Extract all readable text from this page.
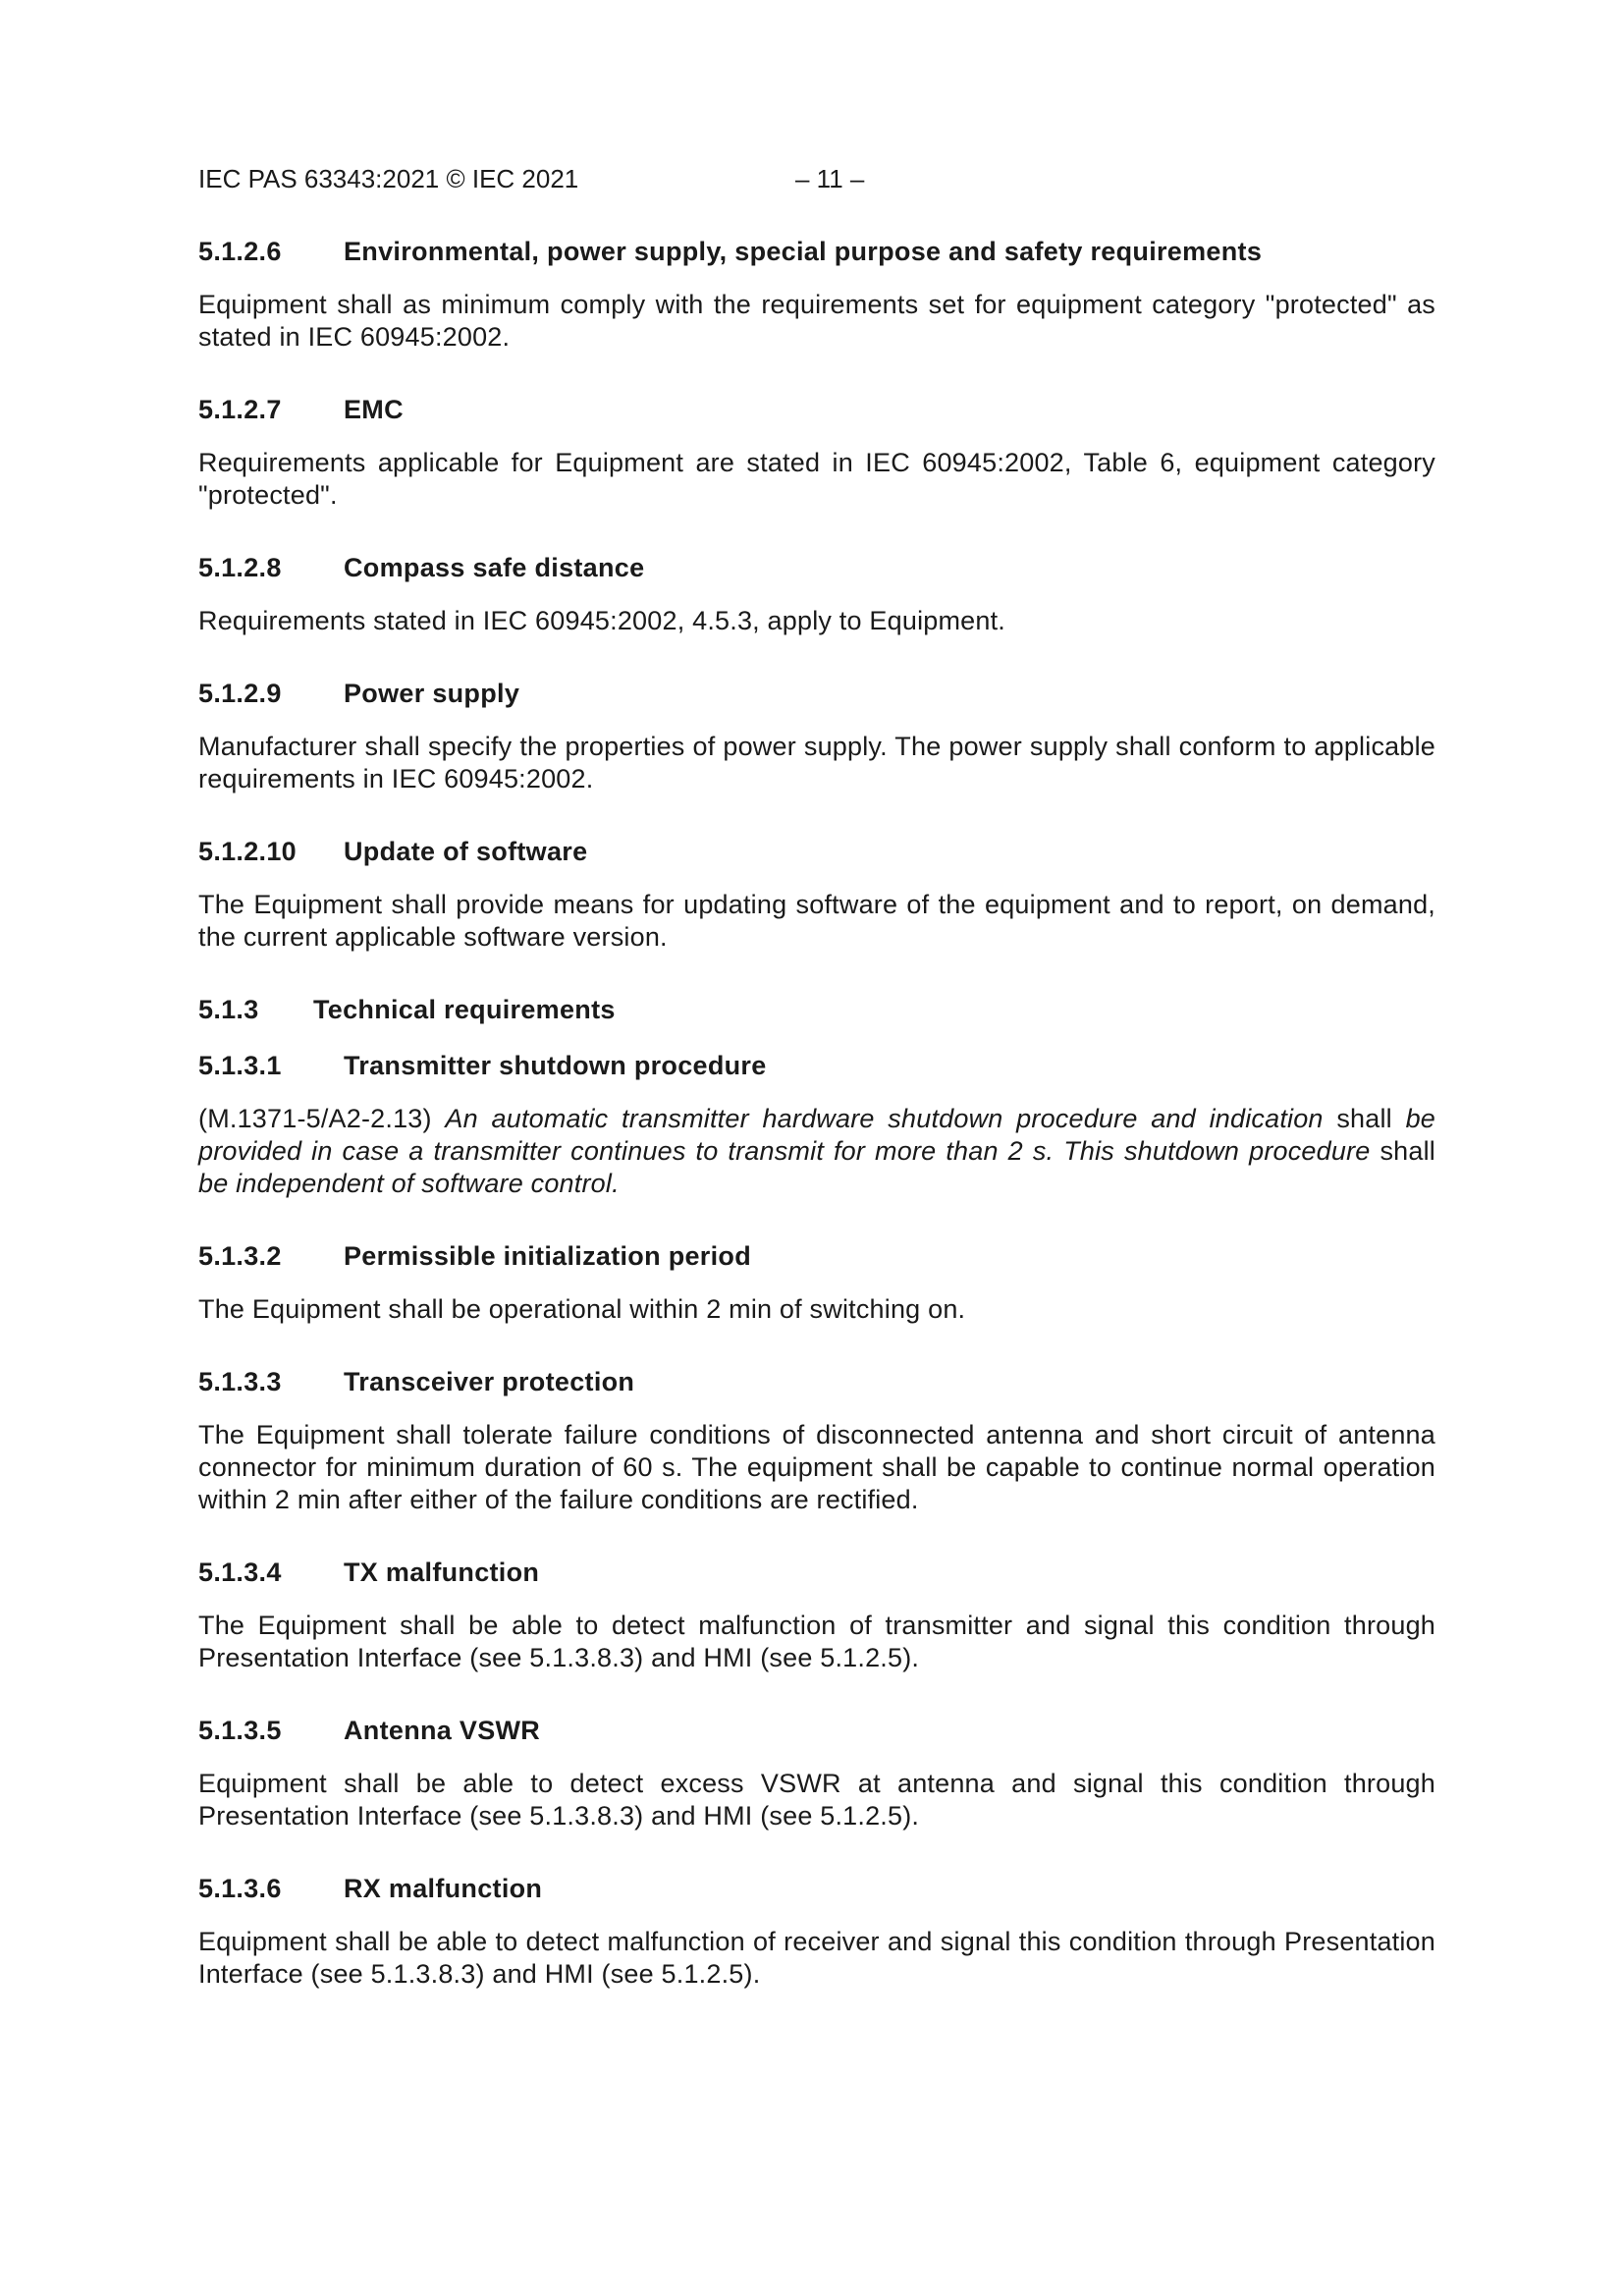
IEC PAS 63343:2021 © IEC 2021	– 11 –
5.1.2.6	Environmental, power supply, special purpose and safety requirements

Equipment shall as minimum comply with the requirements set for equipment category "protected" as stated in IEC 60945:2002.

5.1.2.7	EMC

Requirements applicable for Equipment are stated in IEC 60945:2002, Table 6, equipment category "protected".

5.1.2.8	Compass safe distance

Requirements stated in IEC 60945:2002, 4.5.3, apply to Equipment.

5.1.2.9	Power supply

Manufacturer shall specify the properties of power supply. The power supply shall conform to applicable requirements in IEC 60945:2002.

5.1.2.10	Update of software

The Equipment shall provide means for updating software of the equipment and to report, on demand, the current applicable software version.

5.1.3	Technical requirements
5.1.3.1	Transmitter shutdown procedure

(M.1371-5/A2-2.13) An automatic transmitter hardware shutdown procedure and indication shall be provided in case a transmitter continues to transmit for more than 2 s. This shutdown procedure shall be independent of software control.

5.1.3.2	Permissible initialization period

The Equipment shall be operational within 2 min of switching on.

5.1.3.3	Transceiver protection

The Equipment shall tolerate failure conditions of disconnected antenna and short circuit of antenna connector for minimum duration of 60 s. The equipment shall be capable to continue normal operation within 2 min after either of the failure conditions are rectified.

5.1.3.4	TX malfunction

The Equipment shall be able to detect malfunction of transmitter and signal this condition through Presentation Interface (see 5.1.3.8.3) and HMI (see 5.1.2.5).

5.1.3.5	Antenna VSWR

Equipment shall be able to detect excess VSWR at antenna and signal this condition through Presentation Interface (see 5.1.3.8.3) and HMI (see 5.1.2.5).

5.1.3.6	RX malfunction

Equipment shall be able to detect malfunction of receiver and signal this condition through Presentation Interface (see 5.1.3.8.3) and HMI (see 5.1.2.5).
